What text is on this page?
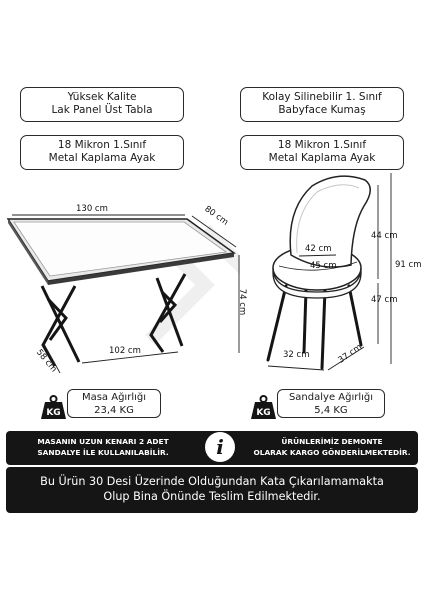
Yüksek Kalite
Lak Panel Üst Tabla
Kolay Silinebilir 1. Sınıf
Babyface Kumaş
18 Mikron 1.Sınıf
Metal Kaplama Ayak
18 Mikron 1.Sınıf
Metal Kaplama Ayak
130 cm	80 cm
74 cm
102 cm
58 cm
44 cm
91 cm
47 cm
42 cm
45 cm
32 cm	37 cm
KG
Masa Ağırlığı
23,4 KG	KG
Sandalye Ağırlığı
5,4 KG
MASANIN UZUN KENARI 2 ADET
SANDALYE İLE KULLANILABİLİR.	i	ÜRÜNLERİMİZ DEMONTE
OLARAK KARGO GÖNDERİLMEKTEDİR.
Bu Ürün 30 Desi Üzerinde Olduğundan Kata Çıkarılamamakta
Olup Bina Önünde Teslim Edilmektedir.
